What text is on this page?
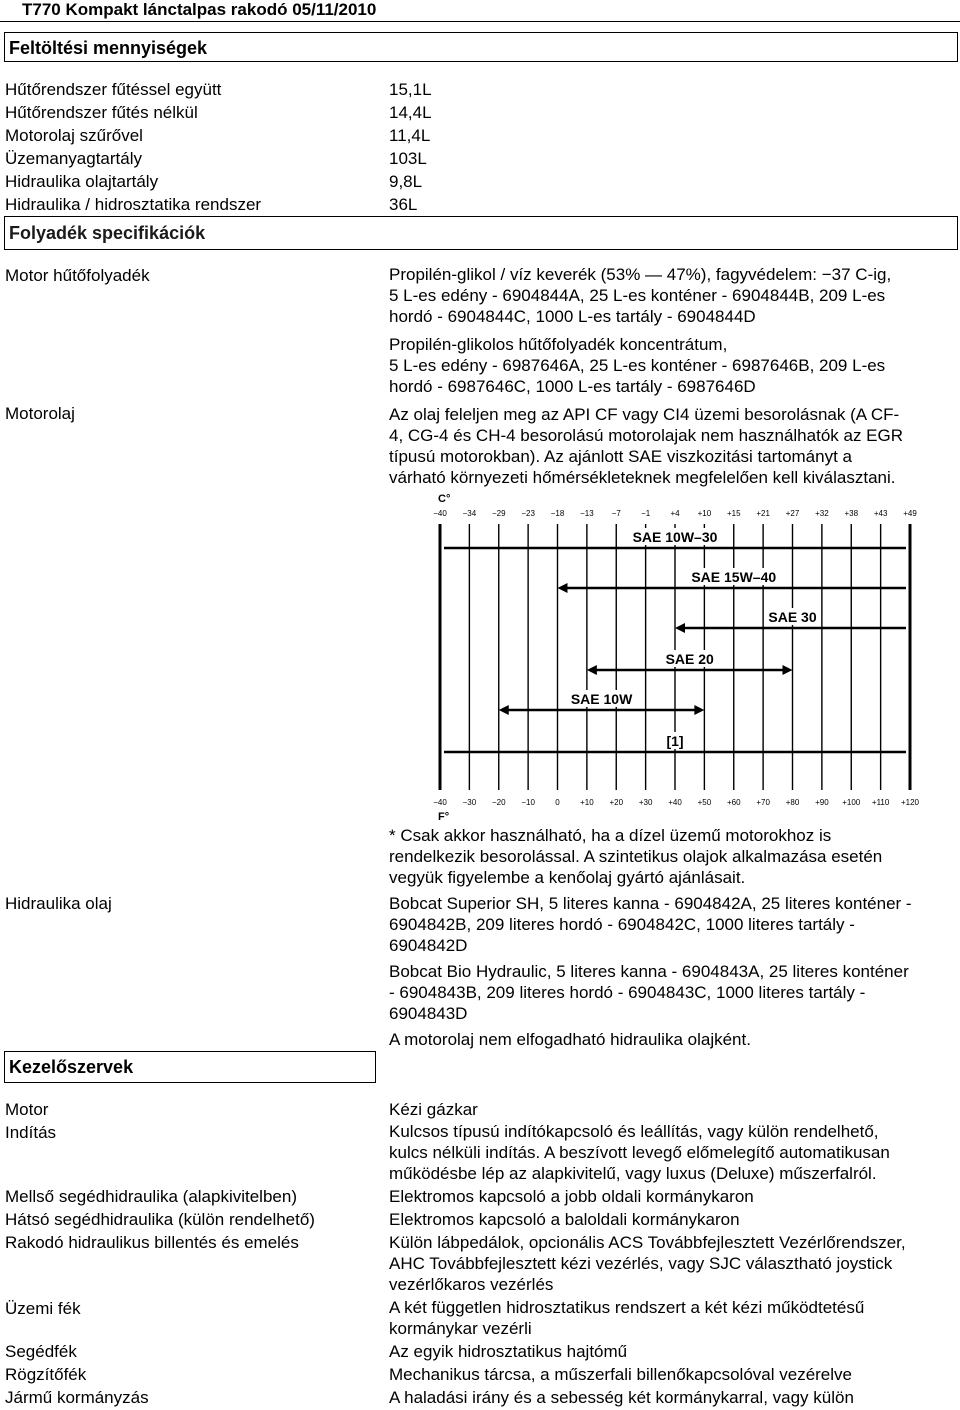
T770 Kompakt lánctalpas rakodó 05/11/2010
Feltöltési mennyiségek
Hűtőrendszer fűtéssel együtt	15,1L
Hűtőrendszer fűtés nélkül	14,4L
Motorolaj szűrővel	11,4L
Üzemanyagtartály	103L
Hidraulika olajtartály	9,8L
Hidraulika / hidrosztatika rendszer	36L
Folyadék specifikációk
Motor hűtőfolyadék	Propilén-glikol / víz keverék (53% — 47%), fagyvédelem: −37 C-ig,
5 L-es edény - 6904844A, 25 L-es konténer - 6904844B, 209 L-es
hordó - 6904844C, 1000 L-es tartály - 6904844D
Propilén-glikolos hűtőfolyadék koncentrátum,
5 L-es edény - 6987646A, 25 L-es konténer - 6987646B, 209 L-es
hordó - 6987646C, 1000 L-es tartály - 6987646D
Motorolaj	Az olaj feleljen meg az API CF vagy CI4 üzemi besorolásnak (A CF-
4, CG-4 és CH-4 besorolású motorolajak nem használhatók az EGR
típusú motorokban). Az ajánlott SAE viszkozitási tartományt a
várható környezeti hőmérsékleteknek megfelelően kell kiválasztani.
C°
F°
−40 −34 −29 −23 −18 −13 −7	−1	+4 +10 +15 +21 +27 +32 +38 +43 +49
−40 −30 −20 −10	0	+10 +20 +30 +40 +50 +60 +70 +80 +90 +100 +110 +120
SAE 10W–30
SAE 15W–40
SAE 30
SAE 20
SAE 10W
[1]
* Csak akkor használható, ha a dízel üzemű motorokhoz is
rendelkezik besorolással. A szintetikus olajok alkalmazása esetén
vegyük figyelembe a kenőolaj gyártó ajánlásait.
Hidraulika olaj	Bobcat Superior SH, 5 literes kanna - 6904842A, 25 literes konténer -
6904842B, 209 literes hordó - 6904842C, 1000 literes tartály -
6904842D
Bobcat Bio Hydraulic, 5 literes kanna - 6904843A, 25 literes konténer
- 6904843B, 209 literes hordó - 6904843C, 1000 literes tartály -
6904843D
A motorolaj nem elfogadható hidraulika olajként.
Kezelőszervek
Motor	Kézi gázkar
Indítás	Kulcsos típusú indítókapcsoló és leállítás, vagy külön rendelhető,
kulcs nélküli indítás. A beszívott levegő előmelegítő automatikusan
működésbe lép az alapkivitelű, vagy luxus (Deluxe) műszerfalról.
Mellső segédhidraulika (alapkivitelben)	Elektromos kapcsoló a jobb oldali kormánykaron
Hátsó segédhidraulika (külön rendelhető)	Elektromos kapcsoló a baloldali kormánykaron
Rakodó hidraulikus billentés és emelés	Külön lábpedálok, opcionális ACS Továbbfejlesztett Vezérlőrendszer,
AHC Továbbfejlesztett kézi vezérlés, vagy SJC választható joystick
vezérlőkaros vezérlés
Üzemi fék	A két független hidrosztatikus rendszert a két kézi működtetésű
kormánykar vezérli
Segédfék	Az egyik hidrosztatikus hajtómű
Rögzítőfék	Mechanikus tárcsa, a műszerfali billenőkapcsolóval vezérelve
Jármű kormányzás	A haladási irány és a sebesség két kormánykarral, vagy külön
